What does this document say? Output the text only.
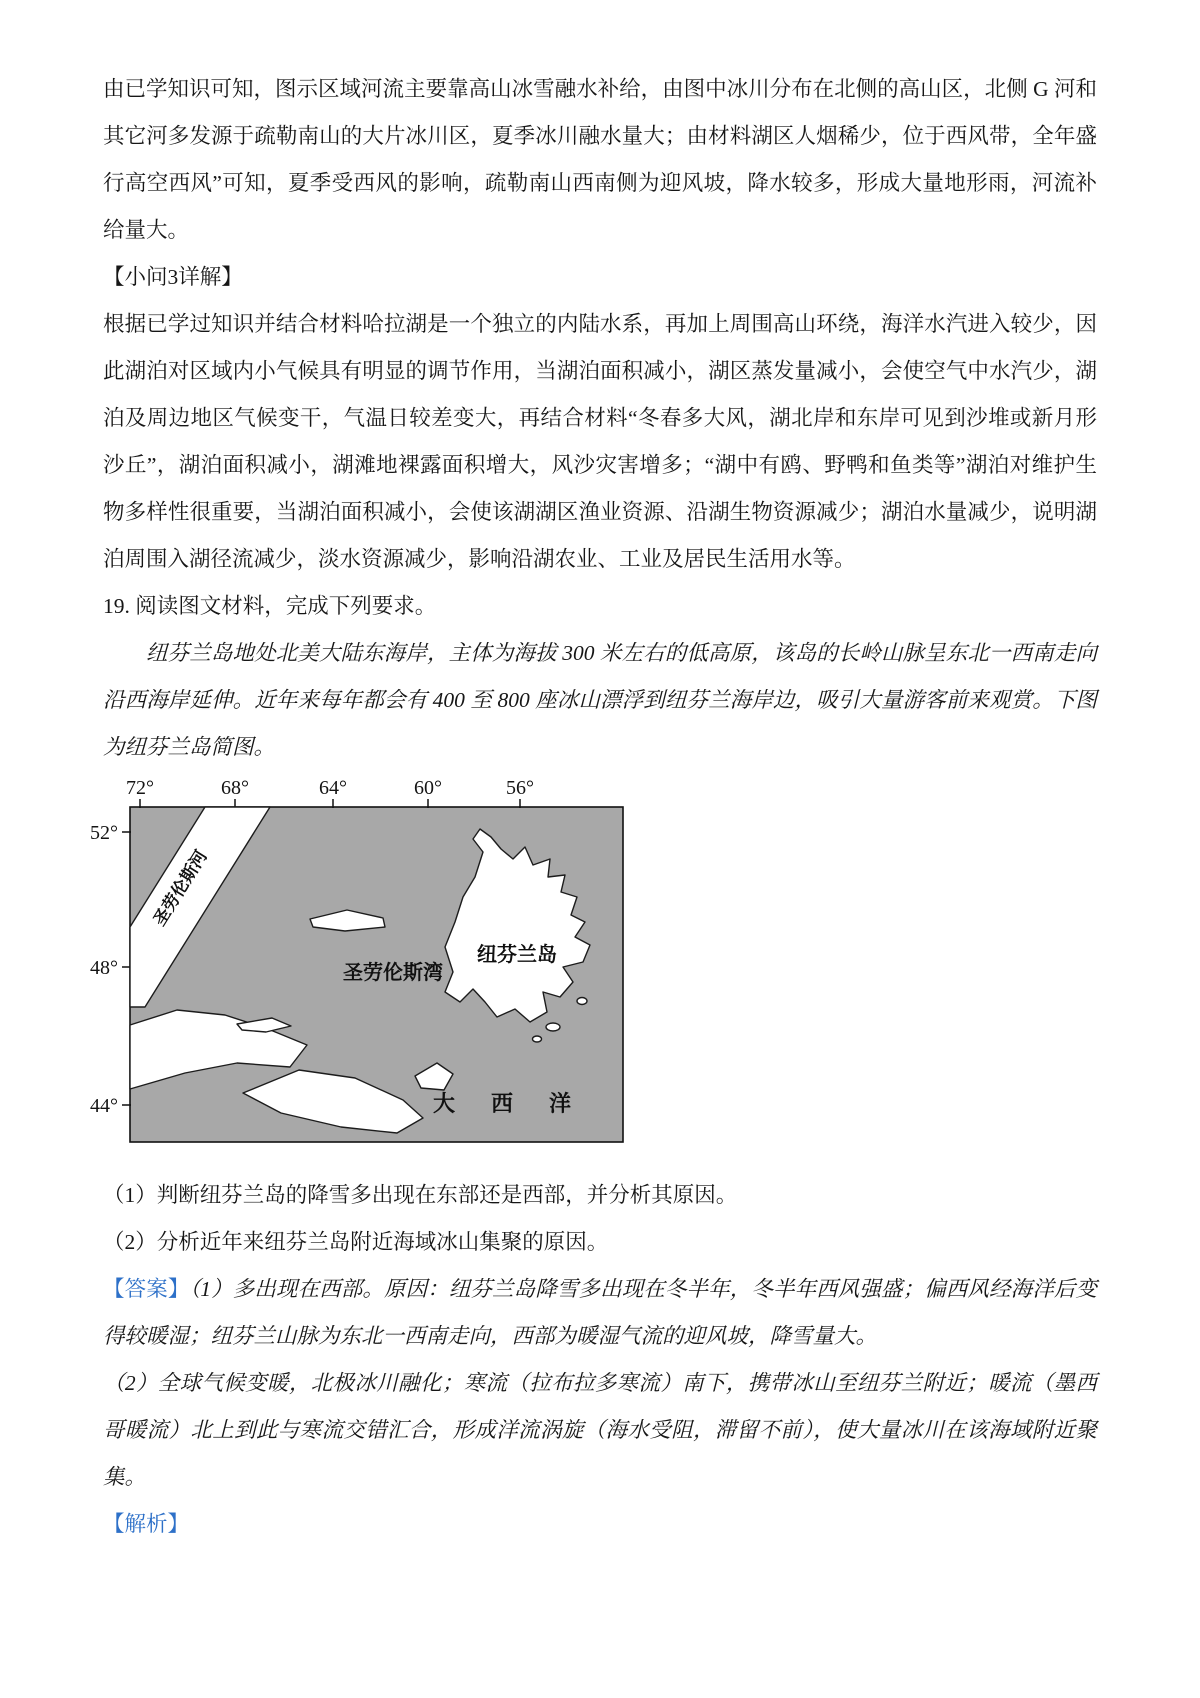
由已学知识可知，图示区域河流主要靠高山冰雪融水补给，由图中冰川分布在北侧的高山区，北侧 G 河和其它河多发源于疏勒南山的大片冰川区，夏季冰川融水量大；由材料湖区人烟稀少，位于西风带，全年盛行高空西风”可知，夏季受西风的影响，疏勒南山西南侧为迎风坡，降水较多，形成大量地形雨，河流补给量大。

【小问3详解】

根据已学过知识并结合材料哈拉湖是一个独立的内陆水系，再加上周围高山环绕，海洋水汽进入较少，因此湖泊对区域内小气候具有明显的调节作用，当湖泊面积减小，湖区蒸发量减小，会使空气中水汽少，湖泊及周边地区气候变干，气温日较差变大，再结合材料“冬春多大风，湖北岸和东岸可见到沙堆或新月形沙丘”，湖泊面积减小，湖滩地裸露面积增大，风沙灾害增多；“湖中有鸥、野鸭和鱼类等”湖泊对维护生物多样性很重要，当湖泊面积减小，会使该湖湖区渔业资源、沿湖生物资源减少；湖泊水量减少，说明湖泊周围入湖径流减少，淡水资源减少，影响沿湖农业、工业及居民生活用水等。

19. 阅读图文材料，完成下列要求。

纽芬兰岛地处北美大陆东海岸，主体为海拔 300 米左右的低高原，该岛的长岭山脉呈东北一西南走向沿西海岸延伸。近年来每年都会有 400 至 800 座冰山漂浮到纽芬兰海岸边，吸引大量游客前来观赏。下图为纽芬兰岛简图。

72°	68°	64°	60°	56°
52°
48°
44°
圣劳伦斯河
圣劳伦斯湾
纽芬兰岛
大西洋

（1）判断纽芬兰岛的降雪多出现在东部还是西部，并分析其原因。

（2）分析近年来纽芬兰岛附近海域冰山集聚的原因。

【答案】（1）多出现在西部。原因：纽芬兰岛降雪多出现在冬半年，冬半年西风强盛；偏西风经海洋后变得较暖湿；纽芬兰山脉为东北一西南走向，西部为暖湿气流的迎风坡，降雪量大。

（2）全球气候变暖，北极冰川融化；寒流（拉布拉多寒流）南下，携带冰山至纽芬兰附近；暖流（墨西哥暖流）北上到此与寒流交错汇合，形成洋流涡旋（海水受阻，滞留不前），使大量冰川在该海域附近聚集。

【解析】
